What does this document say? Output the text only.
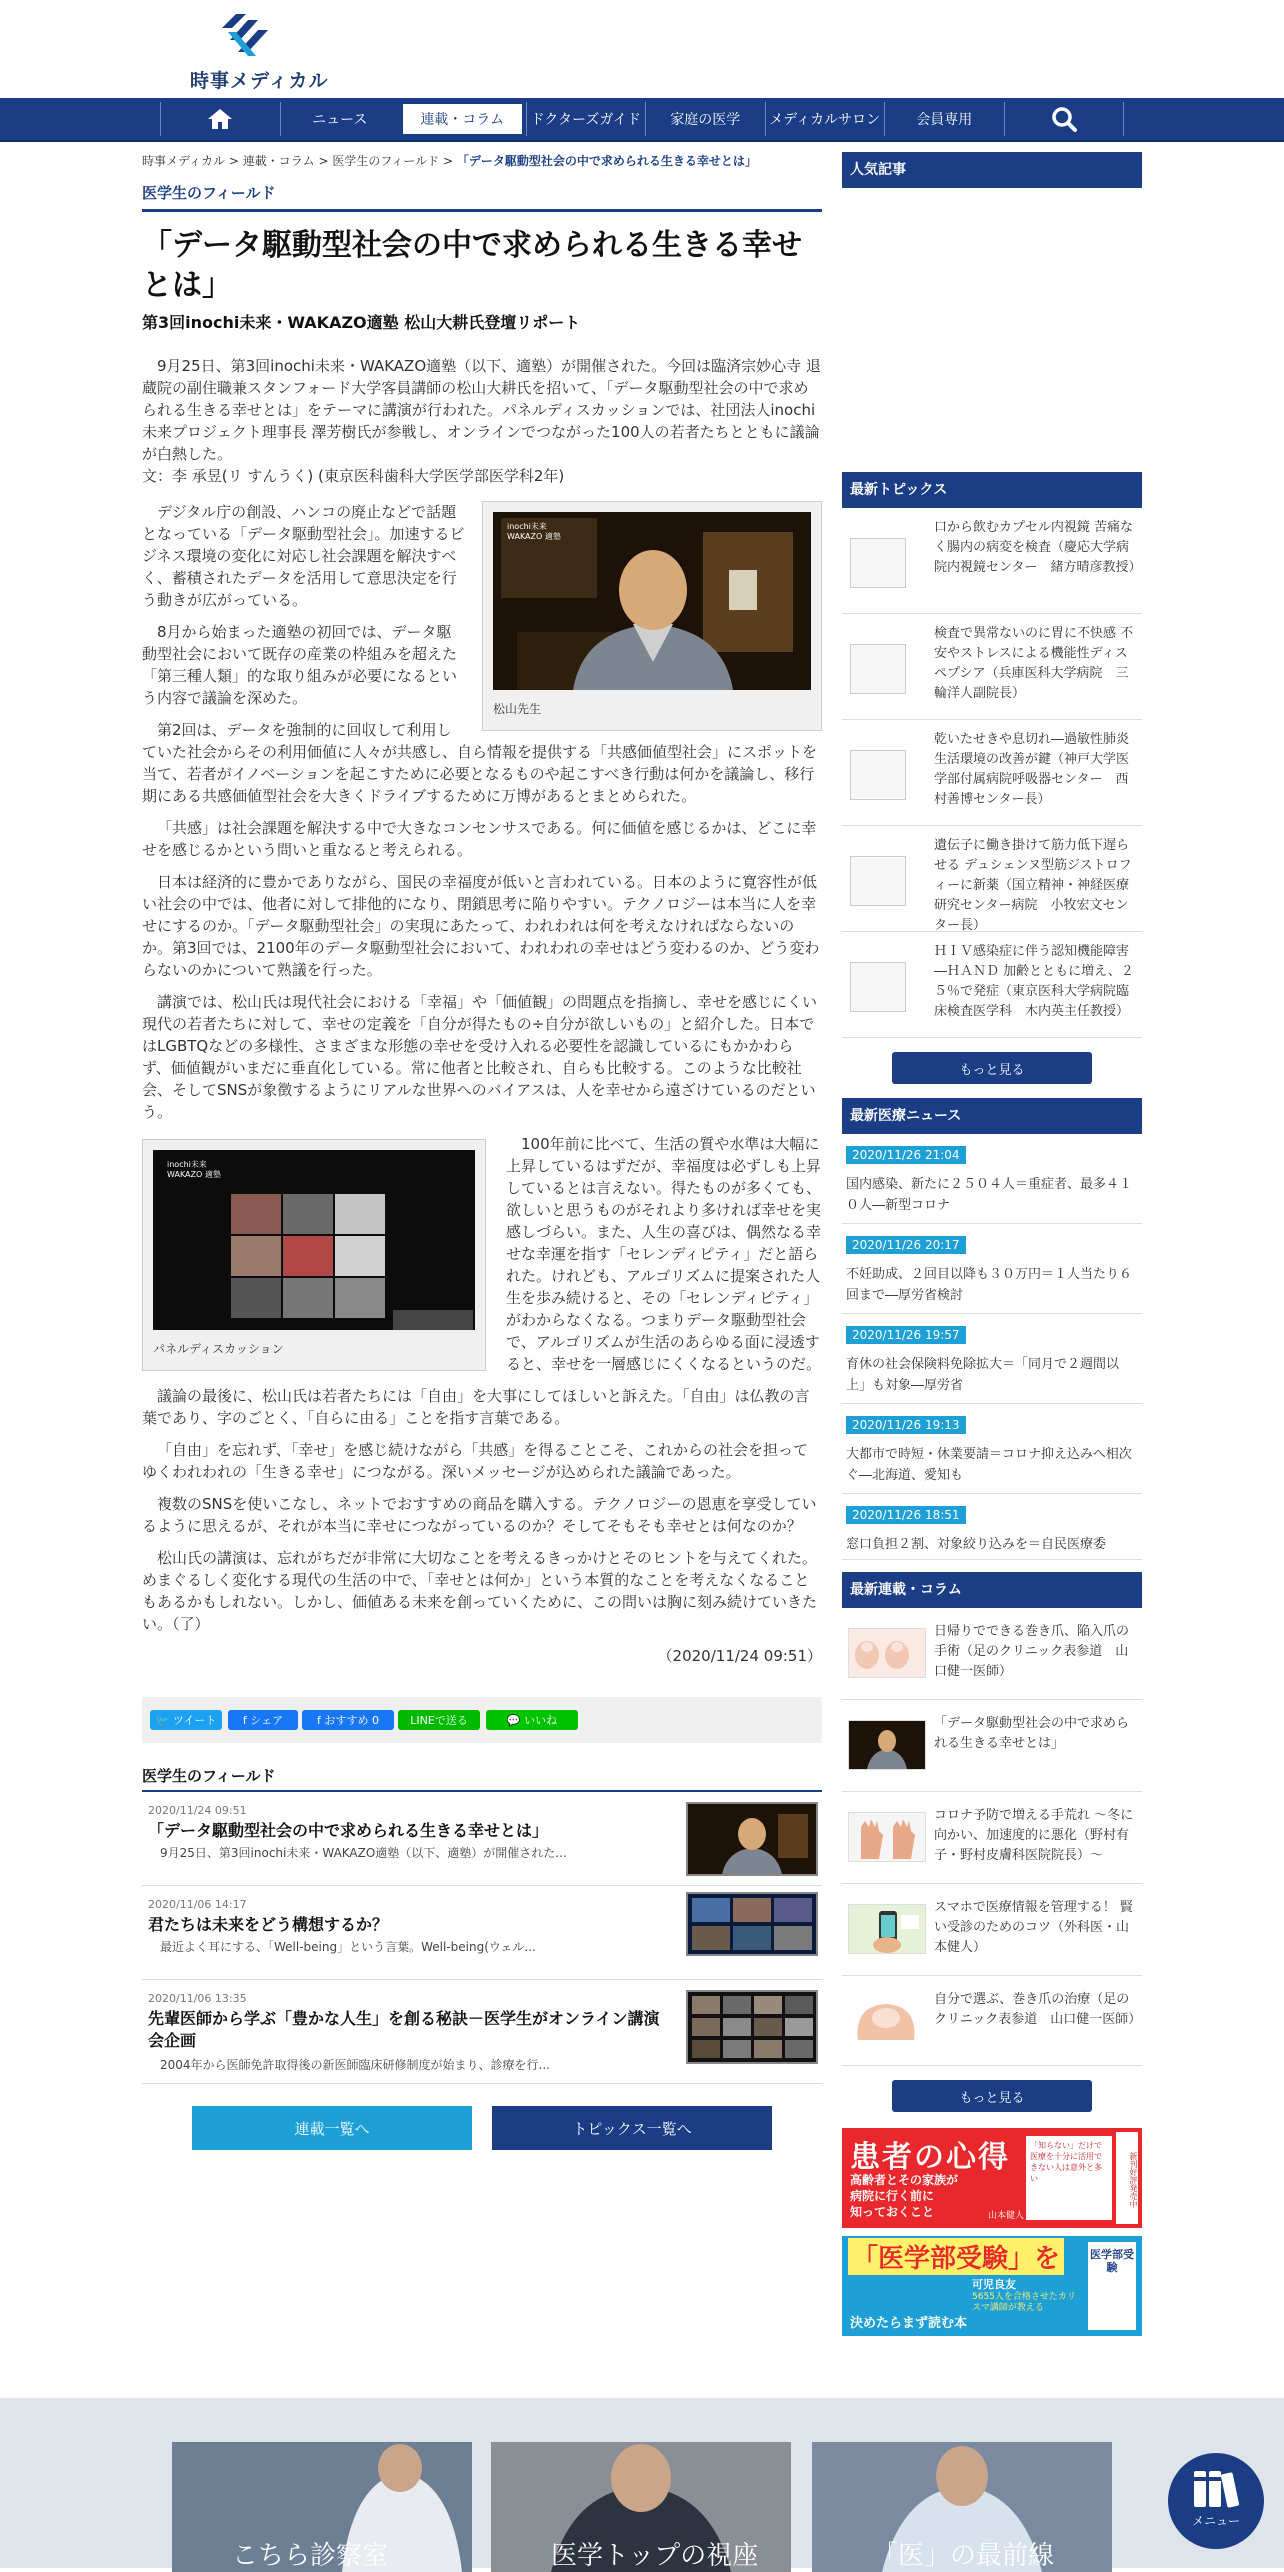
時事メディカル
ニュース	連載・コラム	ドクターズガイド	家庭の医学	メディカルサロン	会員専用
時事メディカル > 連載・コラム > 医学生のフィールド > 「データ駆動型社会の中で求められる生きる幸せとは」
医学生のフィールド
「データ駆動型社会の中で求められる生きる幸せとは」
第3回inochi未来・WAKAZO適塾 松山大耕氏登壇リポート
9月25日、第3回inochi未来・WAKAZO適塾（以下、適塾）が開催された。今回は臨済宗妙心寺 退蔵院の副住職兼スタンフォード大学客員講師の松山大耕氏を招いて、「データ駆動型社会の中で求められる生きる幸せとは」をテーマに講演が行われた。パネルディスカッションでは、社団法人inochi未来プロジェクト理事長 澤芳樹氏が参戦し、オンラインでつながった100人の若者たちとともに議論が白熱した。
文：李 承昱(リ すんうく) (東京医科歯科大学医学部医学科2年)
inochi未来
WAKAZO 適塾
松山先生

デジタル庁の創設、ハンコの廃止などで話題となっている「データ駆動型社会」。加速するビジネス環境の変化に対応し社会課題を解決すべく、蓄積されたデータを活用して意思決定を行う動きが広がっている。

8月から始まった適塾の初回では、データ駆動型社会において既存の産業の枠組みを超えた「第三種人類」的な取り組みが必要になるという内容で議論を深めた。

第2回は、データを強制的に回収して利用していた社会からその利用価値に人々が共感し、自ら情報を提供する「共感価値型社会」にスポットを当て、若者がイノベーションを起こすために必要となるものや起こすべき行動は何かを議論し、移行期にある共感価値型社会を大きくドライブするために万博があるとまとめられた。

「共感」は社会課題を解決する中で大きなコンセンサスである。何に価値を感じるかは、どこに幸せを感じるかという問いと重なると考えられる。

日本は経済的に豊かでありながら、国民の幸福度が低いと言われている。日本のように寛容性が低い社会の中では、他者に対して排他的になり、閉鎖思考に陥りやすい。テクノロジーは本当に人を幸せにするのか。「データ駆動型社会」の実現にあたって、われわれは何を考えなければならないのか。第3回では、2100年のデータ駆動型社会において、われわれの幸せはどう変わるのか、どう変わらないのかについて熟議を行った。

講演では、松山氏は現代社会における「幸福」や「価値観」の問題点を指摘し、幸せを感じにくい現代の若者たちに対して、幸せの定義を「自分が得たもの÷自分が欲しいもの」と紹介した。日本ではLGBTQなどの多様性、さまざまな形態の幸せを受け入れる必要性を認識しているにもかかわらず、価値観がいまだに垂直化している。常に他者と比較され、自らも比較する。このような比較社会、そしてSNSが象徴するようにリアルな世界へのバイアスは、人を幸せから遠ざけているのだという。

inochi未来
WAKAZO 適塾
パネルディスカッション

100年前に比べて、生活の質や水準は大幅に上昇しているはずだが、幸福度は必ずしも上昇しているとは言えない。得たものが多くても、欲しいと思うものがそれより多ければ幸せを実感しづらい。また、人生の喜びは、偶然なる幸せな幸運を指す「セレンディピティ」だと語られた。けれども、アルゴリズムに提案された人生を歩み続けると、その「セレンディピティ」がわからなくなる。つまりデータ駆動型社会で、アルゴリズムが生活のあらゆる面に浸透すると、幸せを一層感じにくくなるというのだ。

議論の最後に、松山氏は若者たちには「自由」を大事にしてほしいと訴えた。「自由」は仏教の言葉であり、字のごとく、「自らに由る」ことを指す言葉である。

「自由」を忘れず、「幸せ」を感じ続けながら「共感」を得ることこそ、これからの社会を担ってゆくわれわれの「生きる幸せ」につながる。深いメッセージが込められた議論であった。

複数のSNSを使いこなし、ネットでおすすめの商品を購入する。テクノロジーの恩恵を享受しているように思えるが、それが本当に幸せにつながっているのか？そしてそもそも幸せとは何なのか？

松山氏の講演は、忘れがちだが非常に大切なことを考えるきっかけとそのヒントを与えてくれた。めまぐるしく変化する現代の生活の中で、「幸せとは何か」という本質的なことを考えなくなることもあるかもしれない。しかし、価値ある未来を創っていくために、この問いは胸に刻み続けていきたい。（了）

（2020/11/24 09:51）
🐦 ツイート f シェア	f おすすめ 0	LINEで送る	💬 いいね
医学生のフィールド
2020/11/24 09:51
「データ駆動型社会の中で求められる生きる幸せとは」
9月25日、第3回inochi未来・WAKAZO適塾（以下、適塾）が開催された...
2020/11/06 14:17
君たちは未来をどう構想するか？
最近よく耳にする、「Well-being」という言葉。Well-being(ウェル...
2020/11/06 13:35
先輩医師から学ぶ「豊かな人生」を創る秘訣－医学生がオンライン講演会企画
2004年から医師免許取得後の新医師臨床研修制度が始まり、診療を行...
連載一覧へ	トピックス一覧へ
人気記事
最新トピックス
口から飲むカプセル内視鏡 苦痛なく腸内の病変を検査（慶応大学病院内視鏡センター　緒方晴彦教授）
検査で異常ないのに胃に不快感 不安やストレスによる機能性ディスペプシア（兵庫医科大学病院　三輪洋人副院長）
乾いたせきや息切れ―過敏性肺炎 生活環境の改善が鍵（神戸大学医学部付属病院呼吸器センター　西村善博センター長）
遺伝子に働き掛けて筋力低下遅らせる デュシェンヌ型筋ジストロフィーに新薬（国立精神・神経医療研究センター病院　小牧宏文センター長）
ＨＩＶ感染症に伴う認知機能障害―ＨＡＮＤ 加齢とともに増え、２５％で発症（東京医科大学病院臨床検査医学科　木内英主任教授）
もっと見る
最新医療ニュース
2020/11/26 21:04
国内感染、新たに２５０４人＝重症者、最多４１０人―新型コロナ
2020/11/26 20:17
不妊助成、２回目以降も３０万円＝１人当たり６回まで―厚労省検討
2020/11/26 19:57
育休の社会保険料免除拡大＝「同月で２週間以上」も対象―厚労省
2020/11/26 19:13
大都市で時短・休業要請＝コロナ抑え込みへ相次ぐ―北海道、愛知も
2020/11/26 18:51
窓口負担２割、対象絞り込みを＝自民医療委
最新連載・コラム
日帰りでできる巻き爪、陥入爪の手術（足のクリニック表参道　山口健一医師）
「データ駆動型社会の中で求められる生きる幸せとは」
コロナ予防で増える手荒れ ～冬に向かい、加速度的に悪化（野村有子・野村皮膚科医院院長）～
スマホで医療情報を管理する！ 賢い受診のためのコツ（外科医・山本健人）
自分で選ぶ、巻き爪の治療（足のクリニック表参道　山口健一医師）
もっと見る
患者の心得
高齢者とその家族が
病院に行く前に
知っておくこと	山本健人
「知らない」だけで医療を十分に活用できない人は意外と多い	新刊好評発売中
「医学部受験」を
決めたらまず読む本
可児良友
5655人を合格させたカリスマ講師が教える
医学部受験
こちら診察室	医学トップの視座	「医」の最前線
メニュー
